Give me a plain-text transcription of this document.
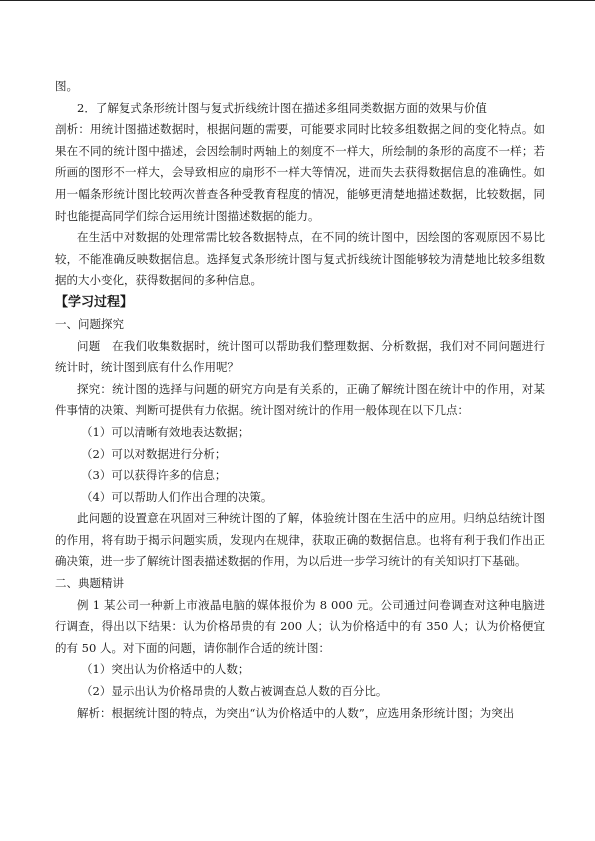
图。

2．了解复式条形统计图与复式折线统计图在描述多组同类数据方面的效果与价值

剖析：用统计图描述数据时，根据问题的需要，可能要求同时比较多组数据之间的变化特点。如果在不同的统计图中描述，会因绘制时两轴上的刻度不一样大，所绘制的条形的高度不一样；若所画的图形不一样大，会导致相应的扇形不一样大等情况，进而失去获得数据信息的准确性。如用一幅条形统计图比较两次普查各种受教育程度的情况，能够更清楚地描述数据，比较数据，同时也能提高同学们综合运用统计图描述数据的能力。

在生活中对数据的处理常需比较各数据特点，在不同的统计图中，因绘图的客观原因不易比较，不能准确反映数据信息。选择复式条形统计图与复式折线统计图能够较为清楚地比较多组数据的大小变化，获得数据间的多种信息。

【学习过程】

一、问题探究

问题　在我们收集数据时，统计图可以帮助我们整理数据、分析数据，我们对不同问题进行统计时，统计图到底有什么作用呢？

探究：统计图的选择与问题的研究方向是有关系的，正确了解统计图在统计中的作用，对某件事情的决策、判断可提供有力依据。统计图对统计的作用一般体现在以下几点：

（1）可以清晰有效地表达数据；

（2）可以对数据进行分析；

（3）可以获得许多的信息；

（4）可以帮助人们作出合理的决策。

此问题的设置意在巩固对三种统计图的了解，体验统计图在生活中的应用。归纳总结统计图的作用，将有助于揭示问题实质，发现内在规律，获取正确的数据信息。也将有利于我们作出正确决策，进一步了解统计图表描述数据的作用，为以后进一步学习统计的有关知识打下基础。

二、典题精讲

例 1 某公司一种新上市液晶电脑的媒体报价为 8 000 元。公司通过问卷调查对这种电脑进行调查，得出以下结果：认为价格昂贵的有 200 人；认为价格适中的有 350 人；认为价格便宜的有 50 人。对下面的问题，请你制作合适的统计图：

（1）突出认为价格适中的人数；

（2）显示出认为价格昂贵的人数占被调查总人数的百分比。

解析：根据统计图的特点，为突出“认为价格适中的人数”，应选用条形统计图；为突出
